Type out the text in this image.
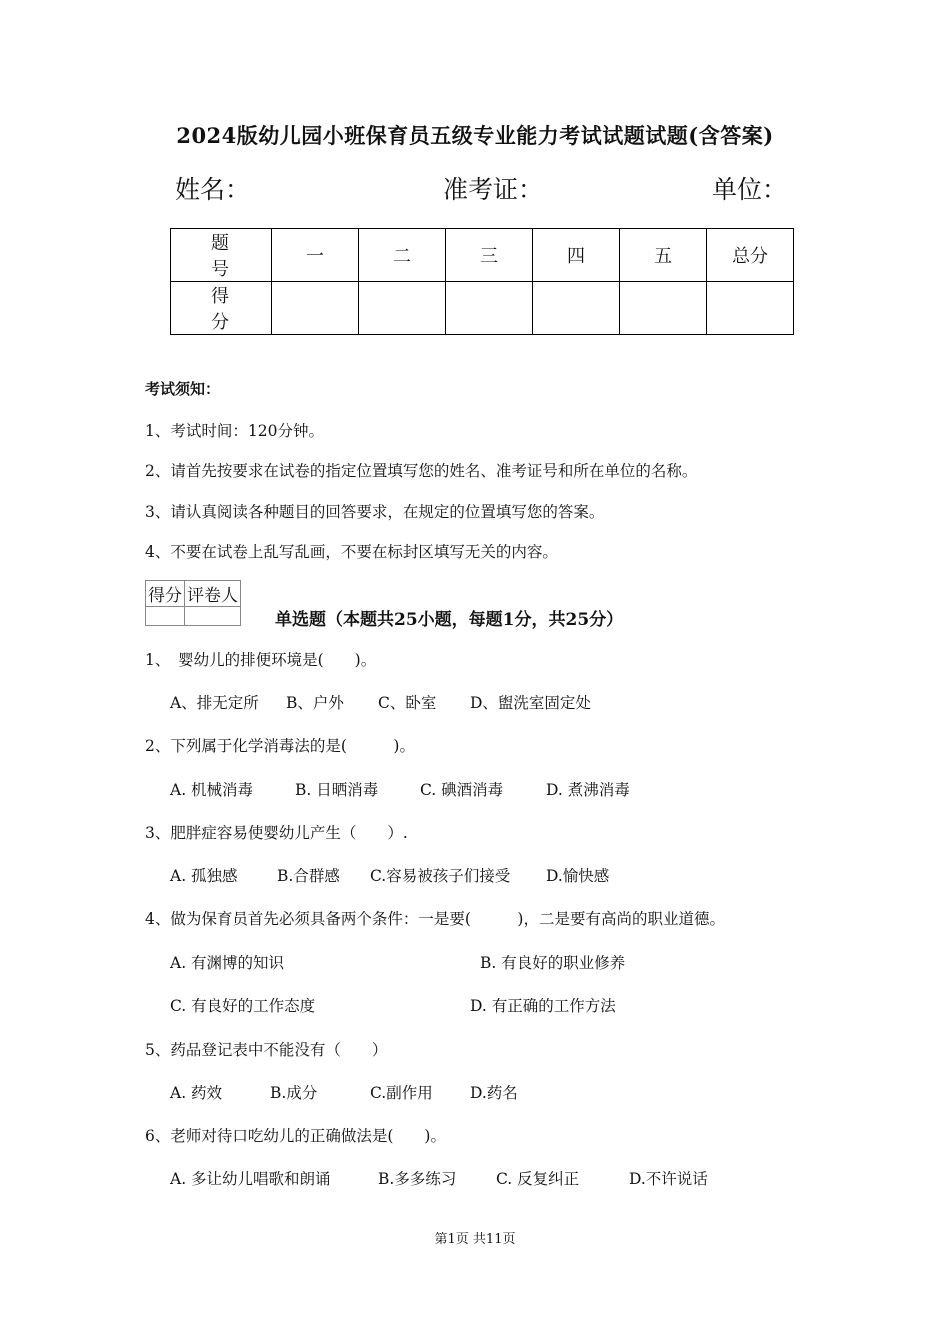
2024版幼儿园小班保育员五级专业能力考试试题试题(含答案)
姓名：	准考证：	单位：
题　号	一	二	三	四	五	总分
得　分						
考试须知：
1、考试时间：120分钟。
2、请首先按要求在试卷的指定位置填写您的姓名、准考证号和所在单位的名称。
3、请认真阅读各种题目的回答要求，在规定的位置填写您的答案。
4、不要在试卷上乱写乱画，不要在标封区填写无关的内容。
得分	评卷人

单选题（本题共25小题，每题1分，共25分）
1、　婴幼儿的排便环境是(　　)。
A、排无定所 B、户外 C、卧室 D、盥洗室固定处
2、下列属于化学消毒法的是(　　　)。
A. 机械消毒	B. 日晒消毒	C. 碘酒消毒	D. 煮沸消毒
3、肥胖症容易使婴幼儿产生（　　）.
A. 孤独感	B.合群感 C.容易被孩子们接受 D.愉快感
4、做为保育员首先必须具备两个条件：一是要(　　　)，二是要有高尚的职业道德。
A. 有渊博的知识	B. 有良好的职业修养
C. 有良好的工作态度	D. 有正确的工作方法
5、药品登记表中不能没有（　　）
A. 药效	B.成分	C.副作用 D.药名
6、老师对待口吃幼儿的正确做法是(　　)。
A. 多让幼儿唱歌和朗诵	B.多多练习	C. 反复纠正	D.不许说话
第1页 共11页
